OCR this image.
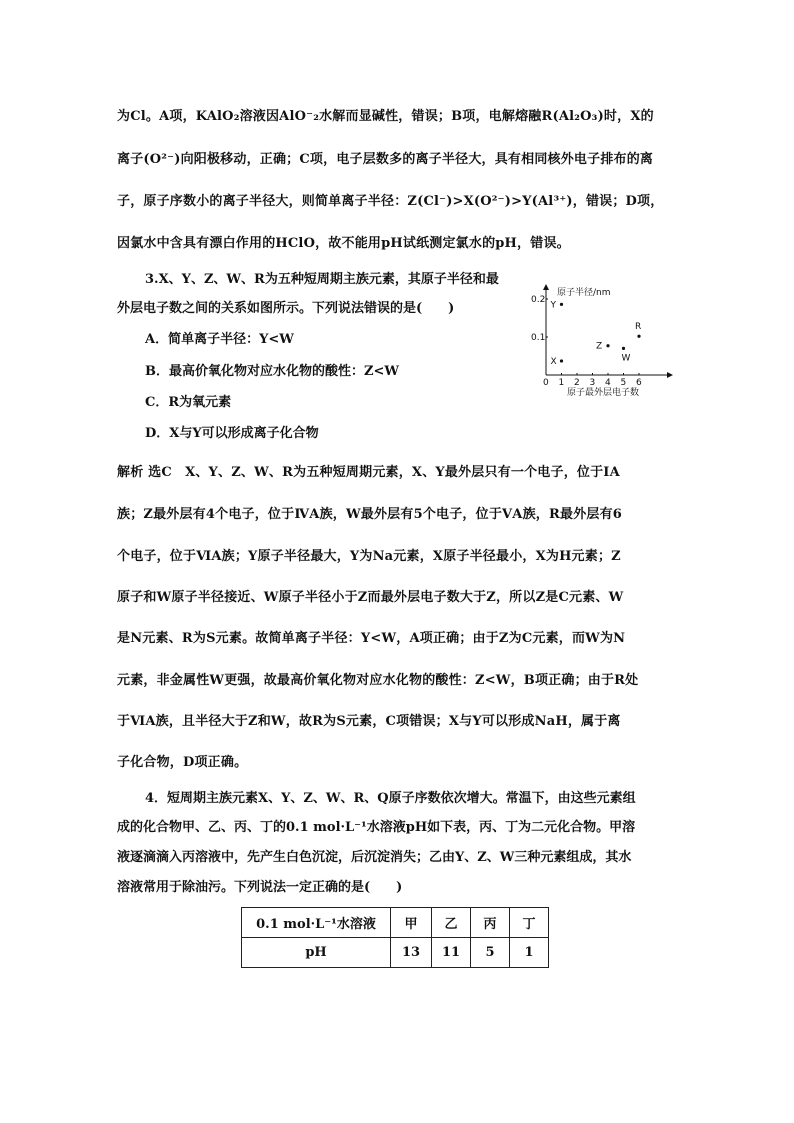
为Cl。A项，KAlO₂溶液因AlO⁻₂水解而显碱性，错误；B项，电解熔融R(Al₂O₃)时，X的
离子(O²⁻)向阳极移动，正确；C项，电子层数多的离子半径大，具有相同核外电子排布的离
子，原子序数小的离子半径大，则简单离子半径：Z(Cl⁻)>X(O²⁻)>Y(Al³⁺)，错误；D项，
因氯水中含具有漂白作用的HClO，故不能用pH试纸测定氯水的pH，错误。
3.X、Y、Z、W、R为五种短周期主族元素，其原子半径和最
外层电子数之间的关系如图所示。下列说法错误的是(　　)
A．简单离子半径：Y<W
B．最高价氧化物对应水化物的酸性：Z<W
C．R为氧元素
D．X与Y可以形成离子化合物
原子半径/nm
原子最外层电子数
0 1 2 3 4 5 6
0.1
0.2
Y
X
Z
W
R
解析 选C　X、Y、Z、W、R为五种短周期元素，X、Y最外层只有一个电子，位于ⅠA
族；Z最外层有4个电子，位于ⅣA族，W最外层有5个电子，位于ⅤA族，R最外层有6
个电子，位于ⅥA族；Y原子半径最大，Y为Na元素，X原子半径最小，X为H元素；Z
原子和W原子半径接近、W原子半径小于Z而最外层电子数大于Z，所以Z是C元素、W
是N元素、R为S元素。故简单离子半径：Y<W，A项正确；由于Z为C元素，而W为N
元素，非金属性W更强，故最高价氧化物对应水化物的酸性：Z<W，B项正确；由于R处
于ⅥA族，且半径大于Z和W，故R为S元素，C项错误；X与Y可以形成NaH，属于离
子化合物，D项正确。
4．短周期主族元素X、Y、Z、W、R、Q原子序数依次增大。常温下，由这些元素组
成的化合物甲、乙、丙、丁的0.1 mol·L⁻¹水溶液pH如下表，丙、丁为二元化合物。甲溶
液逐滴滴入丙溶液中，先产生白色沉淀，后沉淀消失；乙由Y、Z、W三种元素组成，其水
溶液常用于除油污。下列说法一定正确的是(　　)
0.1 mol·L⁻¹水溶液	甲	乙	丙	丁
pH	13	11	5	1
